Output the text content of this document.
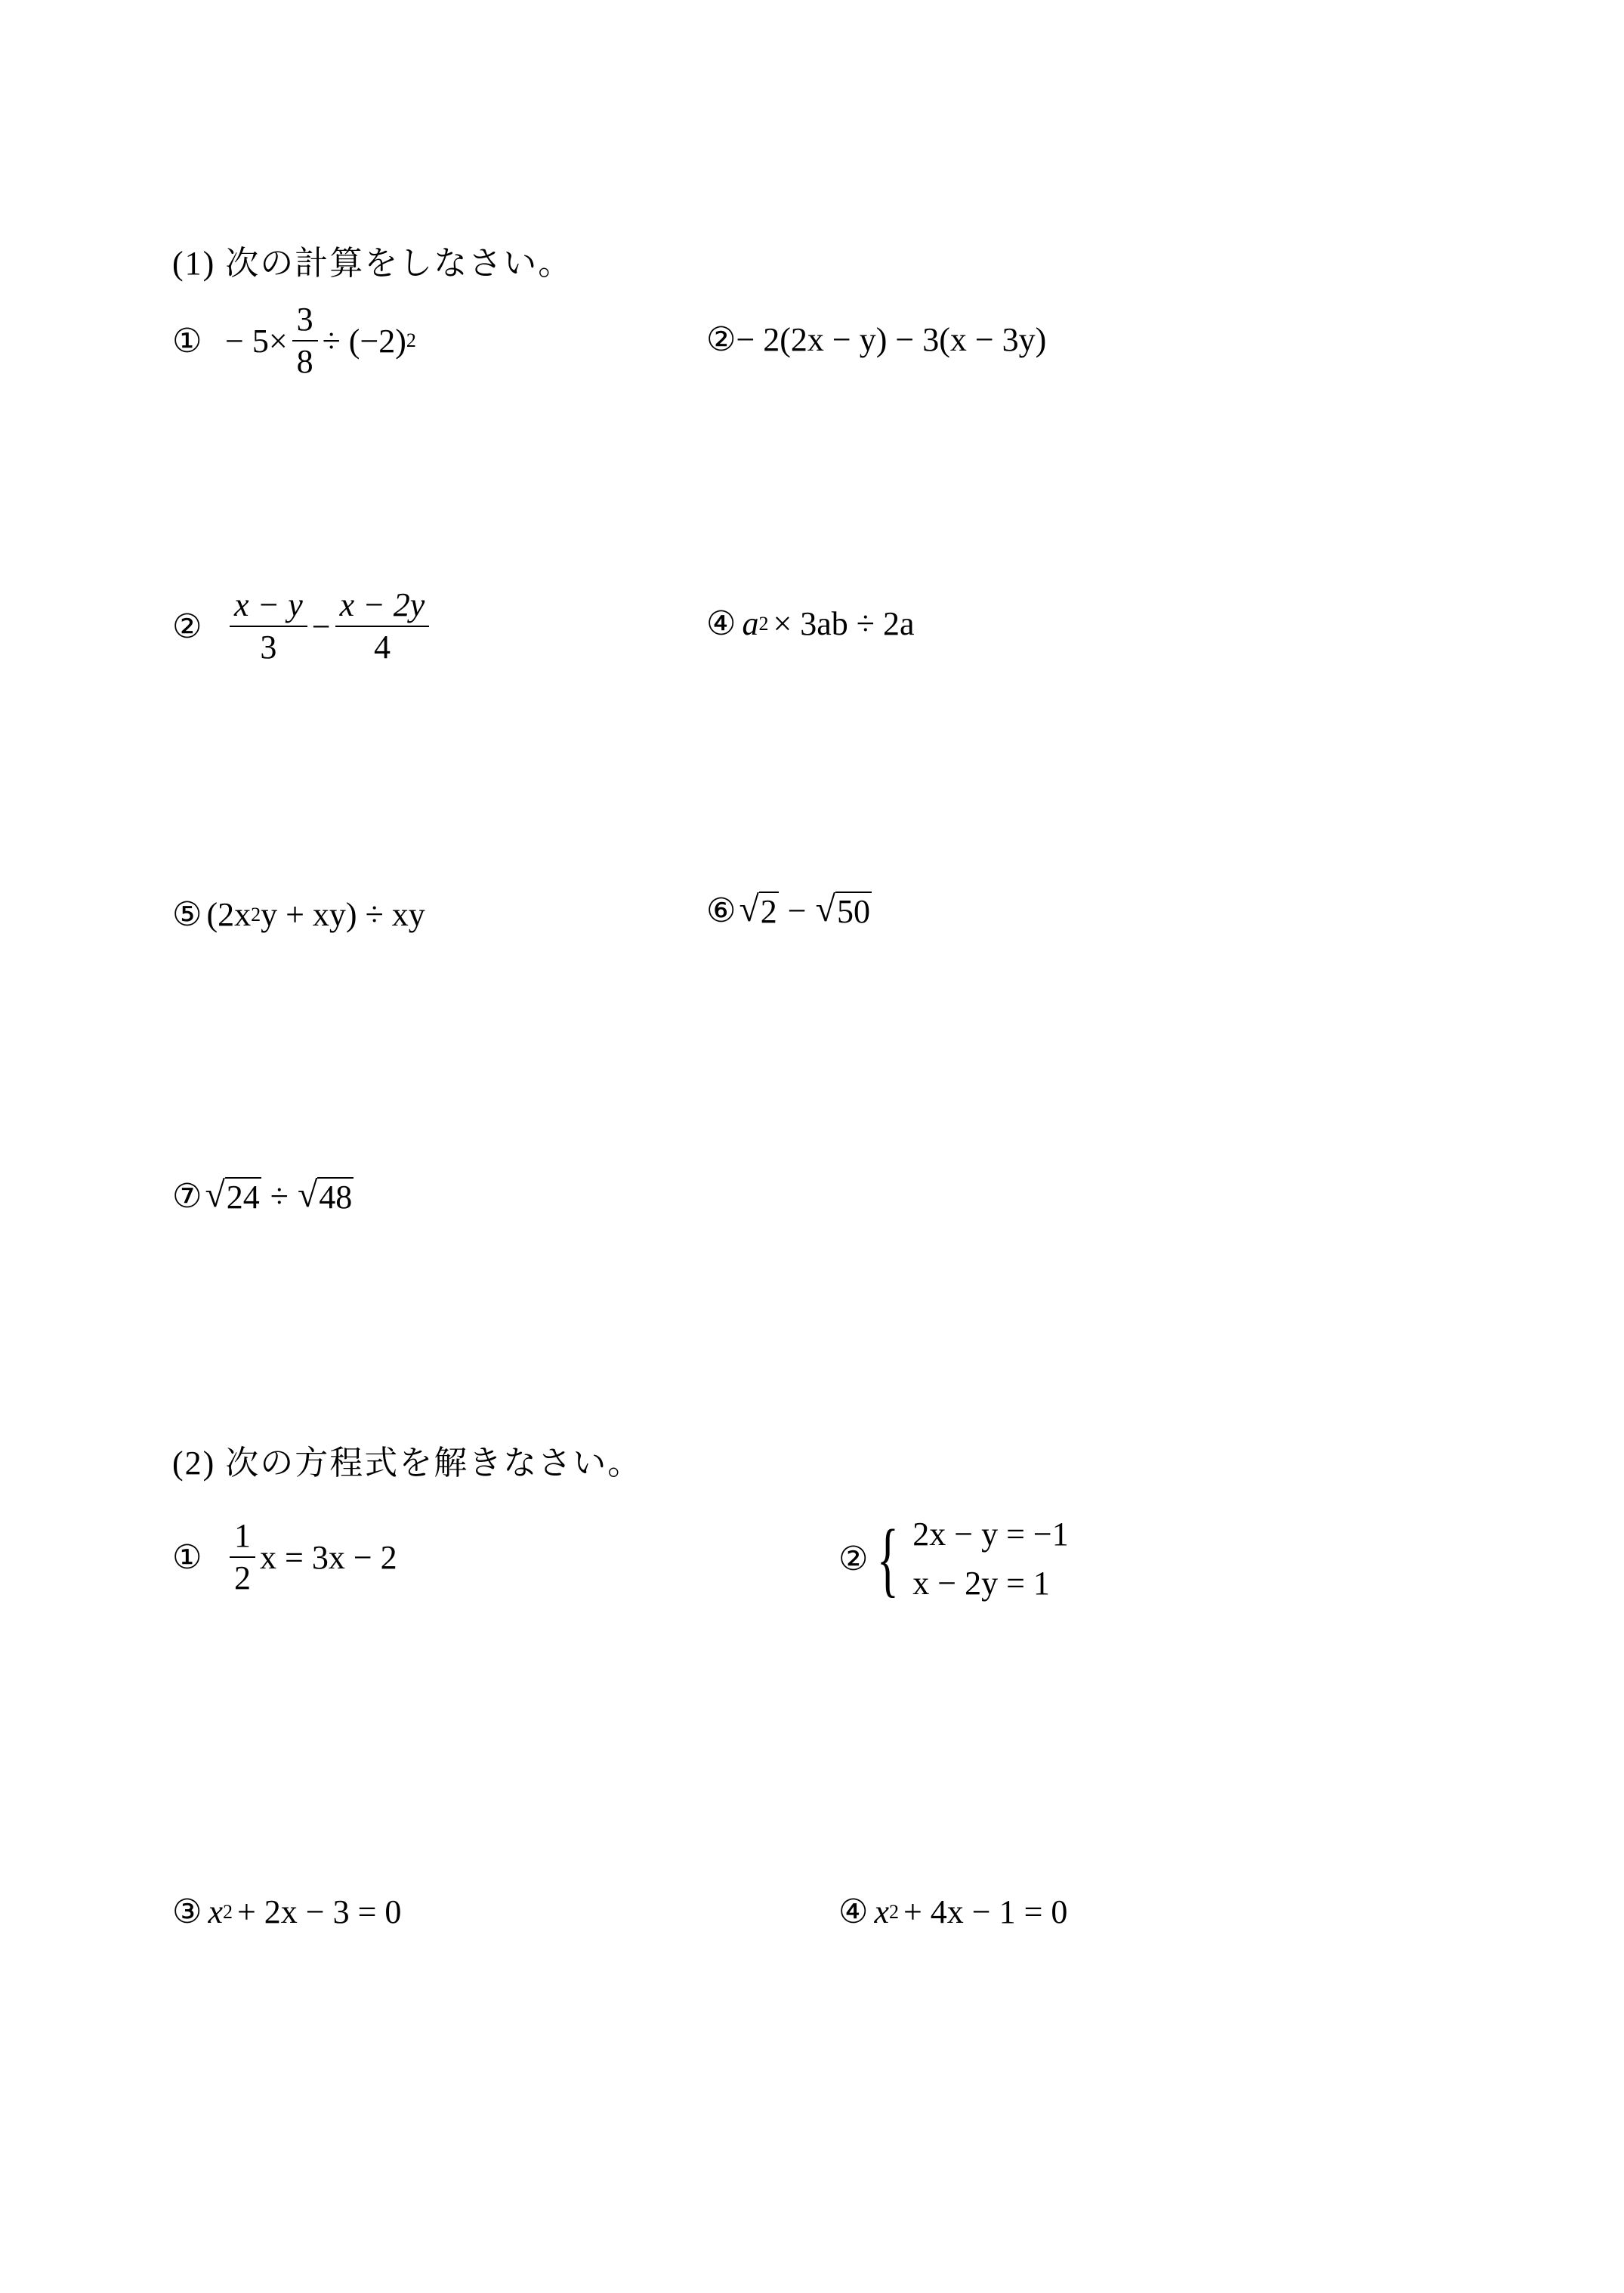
(1) 次の計算をしなさい。
① − $5\times \frac{3}{8} \div (-2)$ 2	② − 2(2x − y) − 3(x − 3y)
② $\frac{x - y}{3} - \frac{x - 2y}{4}$	④ a 2 × 3ab ÷ 2a
⑤ (2x 2 y + xy) ÷ xy	⑥ √ 2 − √ 50
⑦ √ 24 ÷ √ 48
(2) 次の方程式を解きなさい。
① $\frac{1}{2}$ x = 3x − 2	② { 2x − y = −1
x − 2y = 1
③ x 2 + 2x − 3 = 0	④ x 2 + 4x − 1 = 0
